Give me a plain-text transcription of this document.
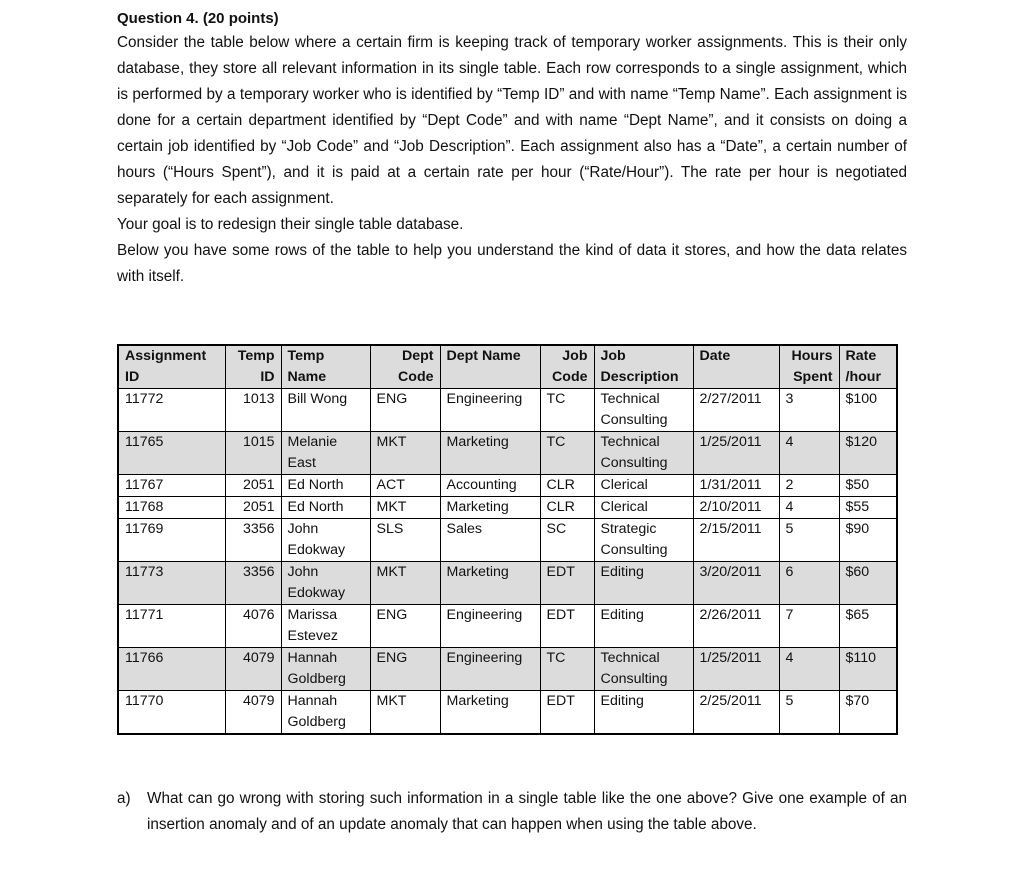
Question 4. (20 points)

Consider the table below where a certain firm is keeping track of temporary worker assignments. This is their only database, they store all relevant information in its single table. Each row corresponds to a single assignment, which is performed by a temporary worker who is identified by “Temp ID” and with name “Temp Name”. Each assignment is done for a certain department identified by “Dept Code” and with name “Dept Name”, and it consists on doing a certain job identified by “Job Code” and “Job Description”. Each assignment also has a “Date”, a certain number of hours (“Hours Spent”), and it is paid at a certain rate per hour (“Rate/Hour”). The rate per hour is negotiated separately for each assignment.

Your goal is to redesign their single table database.

Below you have some rows of the table to help you understand the kind of data it stores, and how the data relates with itself.

Assignment ID	Temp ID	Temp Name	Dept Code	Dept Name	Job Code	Job Description	Date	Hours Spent	Rate /hour
11772	1013	Bill Wong	ENG	Engineering	TC	Technical Consulting	2/27/2011	3	$100
11765	1015	Melanie East	MKT	Marketing	TC	Technical Consulting	1/25/2011	4	$120
11767	2051	Ed North	ACT	Accounting	CLR	Clerical	1/31/2011	2	$50
11768	2051	Ed North	MKT	Marketing	CLR	Clerical	2/10/2011	4	$55
11769	3356	John Edokway	SLS	Sales	SC	Strategic Consulting	2/15/2011	5	$90
11773	3356	John Edokway	MKT	Marketing	EDT	Editing	3/20/2011	6	$60
11771	4076	Marissa Estevez	ENG	Engineering	EDT	Editing	2/26/2011	7	$65
11766	4079	Hannah Goldberg	ENG	Engineering	TC	Technical Consulting	1/25/2011	4	$110
11770	4079	Hannah Goldberg	MKT	Marketing	EDT	Editing	2/25/2011	5	$70
a) What can go wrong with storing such information in a single table like the one above? Give one example of an insertion anomaly and of an update anomaly that can happen when using the table above.
